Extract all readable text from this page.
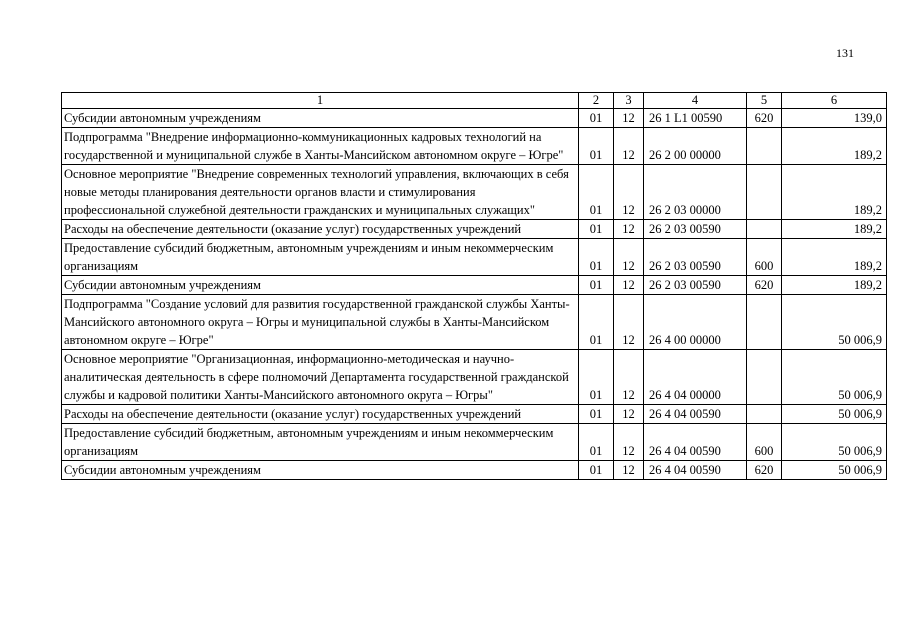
131
1	2	3	4	5	6
Субсидии автономным учреждениям	01	12	26 1 L1 00590	620	139,0
Подпрограмма "Внедрение информационно-коммуникационных кадровых технологий на государственной и муниципальной службе в Ханты-Мансийском автономном округе – Югре"	01	12	26 2 00 00000		189,2
Основное мероприятие "Внедрение современных технологий управления, включающих в себя новые методы планирования деятельности органов власти и стимулирования профессиональной служебной деятельности гражданских и муниципальных служащих"	01	12	26 2 03 00000		189,2
Расходы на обеспечение деятельности (оказание услуг) государственных учреждений	01	12	26 2 03 00590		189,2
Предоставление субсидий бюджетным, автономным учреждениям и иным некоммерческим организациям	01	12	26 2 03 00590	600	189,2
Субсидии автономным учреждениям	01	12	26 2 03 00590	620	189,2
Подпрограмма "Создание условий для развития государственной гражданской службы Ханты-Мансийского автономного округа – Югры и муниципальной службы в Ханты-Мансийском автономном округе – Югре"	01	12	26 4 00 00000		50 006,9
Основное мероприятие "Организационная, информационно-методическая и научно-аналитическая деятельность в сфере полномочий Департамента государственной гражданской службы и кадровой политики Ханты-Мансийского автономного округа – Югры"	01	12	26 4 04 00000		50 006,9
Расходы на обеспечение деятельности (оказание услуг) государственных учреждений	01	12	26 4 04 00590		50 006,9
Предоставление субсидий бюджетным, автономным учреждениям и иным некоммерческим организациям	01	12	26 4 04 00590	600	50 006,9
Субсидии автономным учреждениям	01	12	26 4 04 00590	620	50 006,9
